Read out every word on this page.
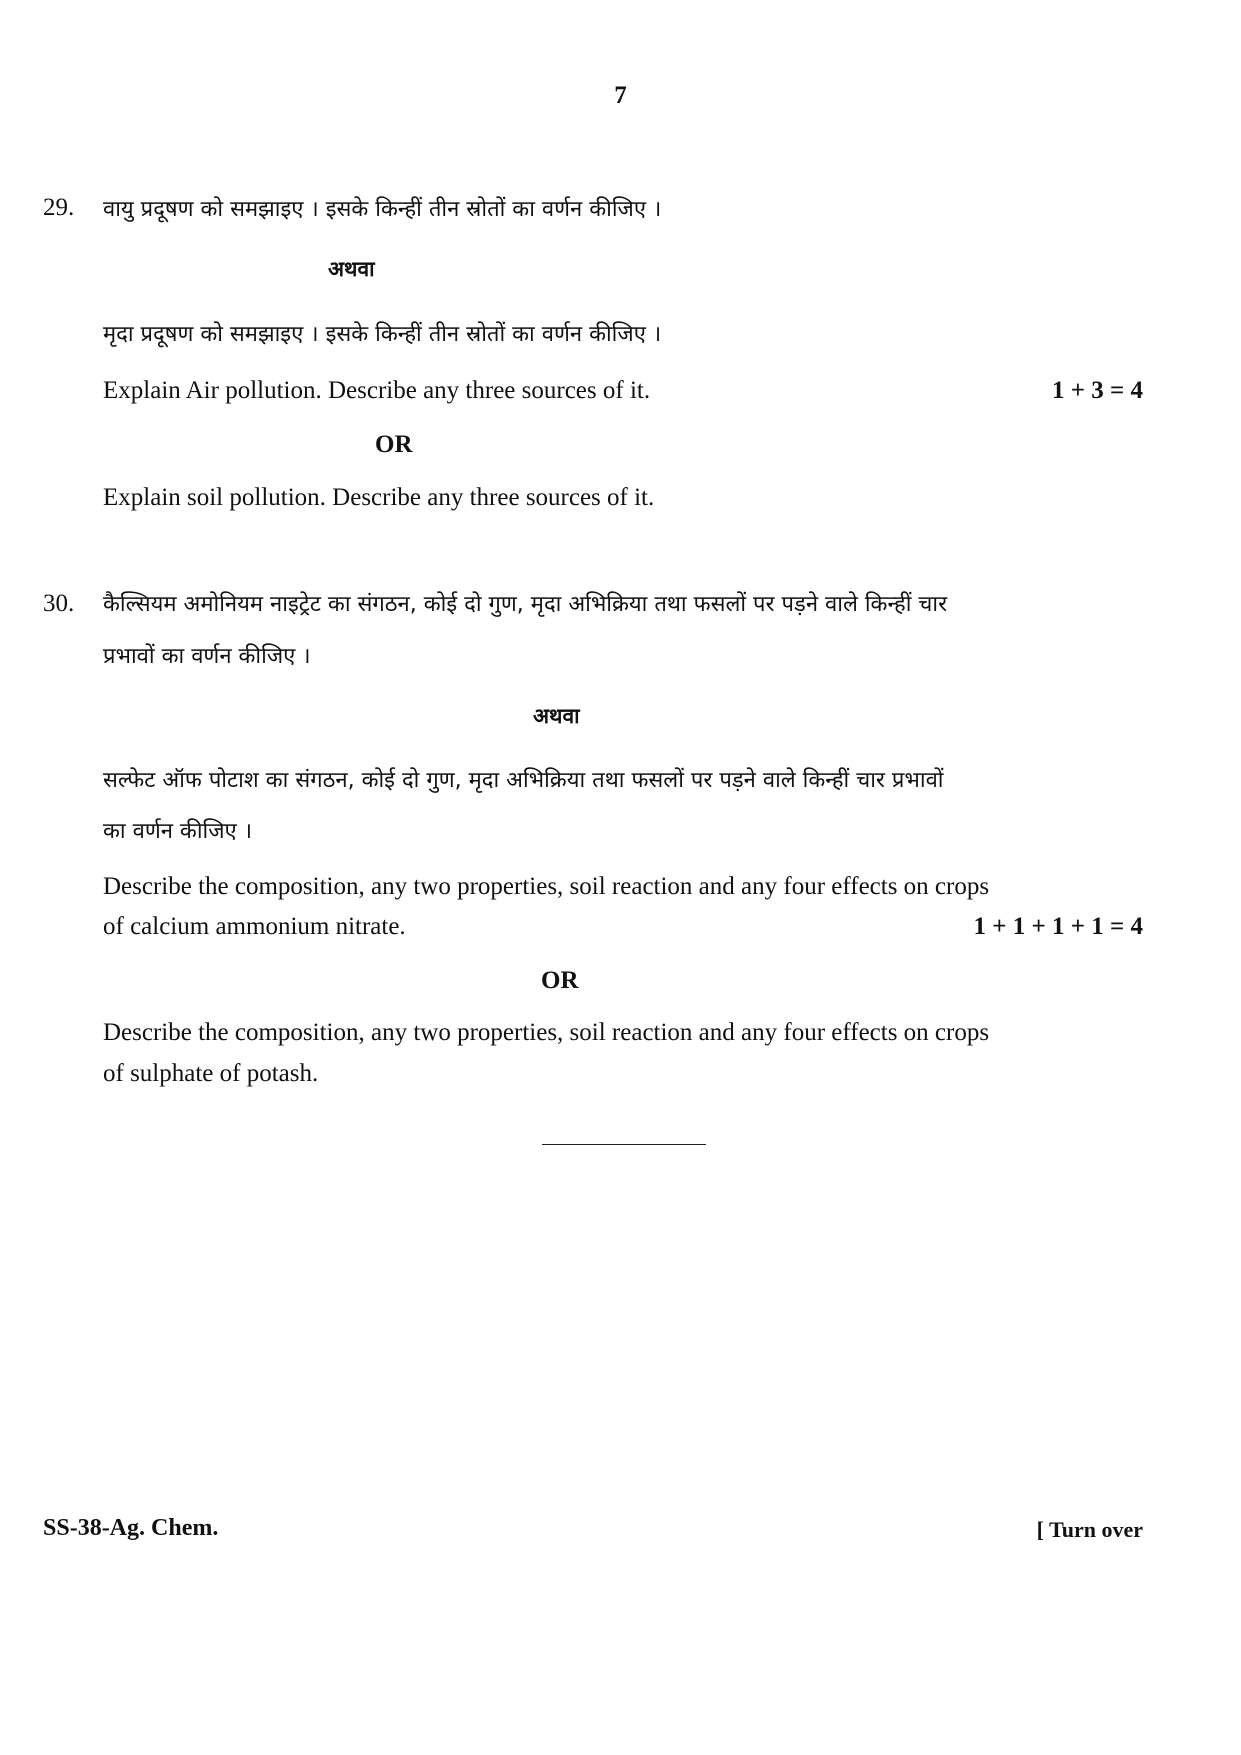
7
29. वायु प्रदूषण को समझाइए । इसके किन्हीं तीन स्रोतों का वर्णन कीजिए ।
अथवा
मृदा प्रदूषण को समझाइए । इसके किन्हीं तीन स्रोतों का वर्णन कीजिए ।
Explain Air pollution. Describe any three sources of it.	1 + 3 = 4
OR
Explain soil pollution. Describe any three sources of it.
30. कैल्सियम अमोनियम नाइट्रेट का संगठन, कोई दो गुण, मृदा अभिक्रिया तथा फसलों पर पड़ने वाले किन्हीं चार
प्रभावों का वर्णन कीजिए ।
अथवा
सल्फेट ऑफ पोटाश का संगठन, कोई दो गुण, मृदा अभिक्रिया तथा फसलों पर पड़ने वाले किन्हीं चार प्रभावों
का वर्णन कीजिए ।
Describe the composition, any two properties, soil reaction and any four effects on crops
of calcium ammonium nitrate.	1 + 1 + 1 + 1 = 4
OR
Describe the composition, any two properties, soil reaction and any four effects on crops
of sulphate of potash.
SS-38-Ag. Chem.	[ Turn over
